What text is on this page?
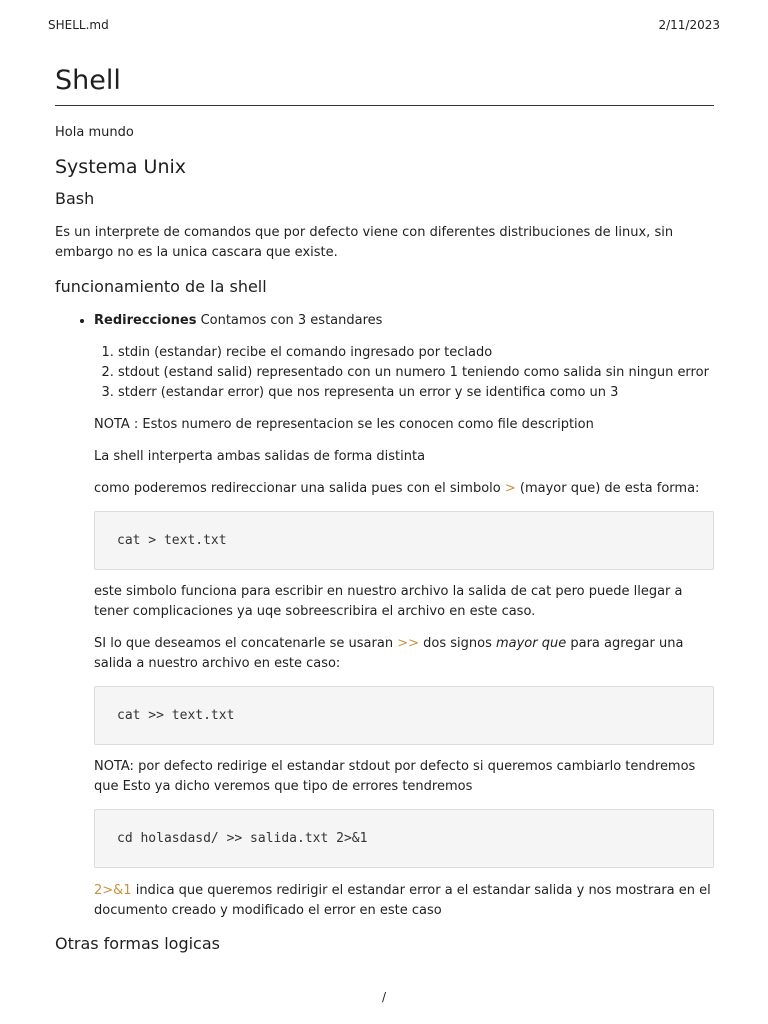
SHELL.md	2/11/2023
Shell

Hola mundo

Systema Unix
Bash

Es un interprete de comandos que por defecto viene con diferentes distribuciones de linux, sin embargo no es la unica cascara que existe.

funcionamiento de la shell
• Redirecciones Contamos con 3 estandares
1. stdin (estandar) recibe el comando ingresado por teclado
2. stdout (estand salid) representado con un numero 1 teniendo como salida sin ningun error
3. stderr (estandar error) que nos representa un error y se identifica como un 3

NOTA : Estos numero de representacion se les conocen como file description

La shell interperta ambas salidas de forma distinta

como poderemos redireccionar una salida pues con el simbolo > (mayor que) de esta forma:

cat > text.txt

este simbolo funciona para escribir en nuestro archivo la salida de cat pero puede llegar a tener complicaciones ya uqe sobreescribira el archivo en este caso.

SI lo que deseamos el concatenarle se usaran >> dos signos mayor que para agregar una salida a nuestro archivo en este caso:

cat >> text.txt

NOTA: por defecto redirige el estandar stdout por defecto si queremos cambiarlo tendremos que Esto ya dicho veremos que tipo de errores tendremos

cd holasdasd/ >> salida.txt 2>&1

2>&1 indica que queremos redirigir el estandar error a el estandar salida y nos mostrara en el documento creado y modificado el error en este caso

Otras formas logicas
/
